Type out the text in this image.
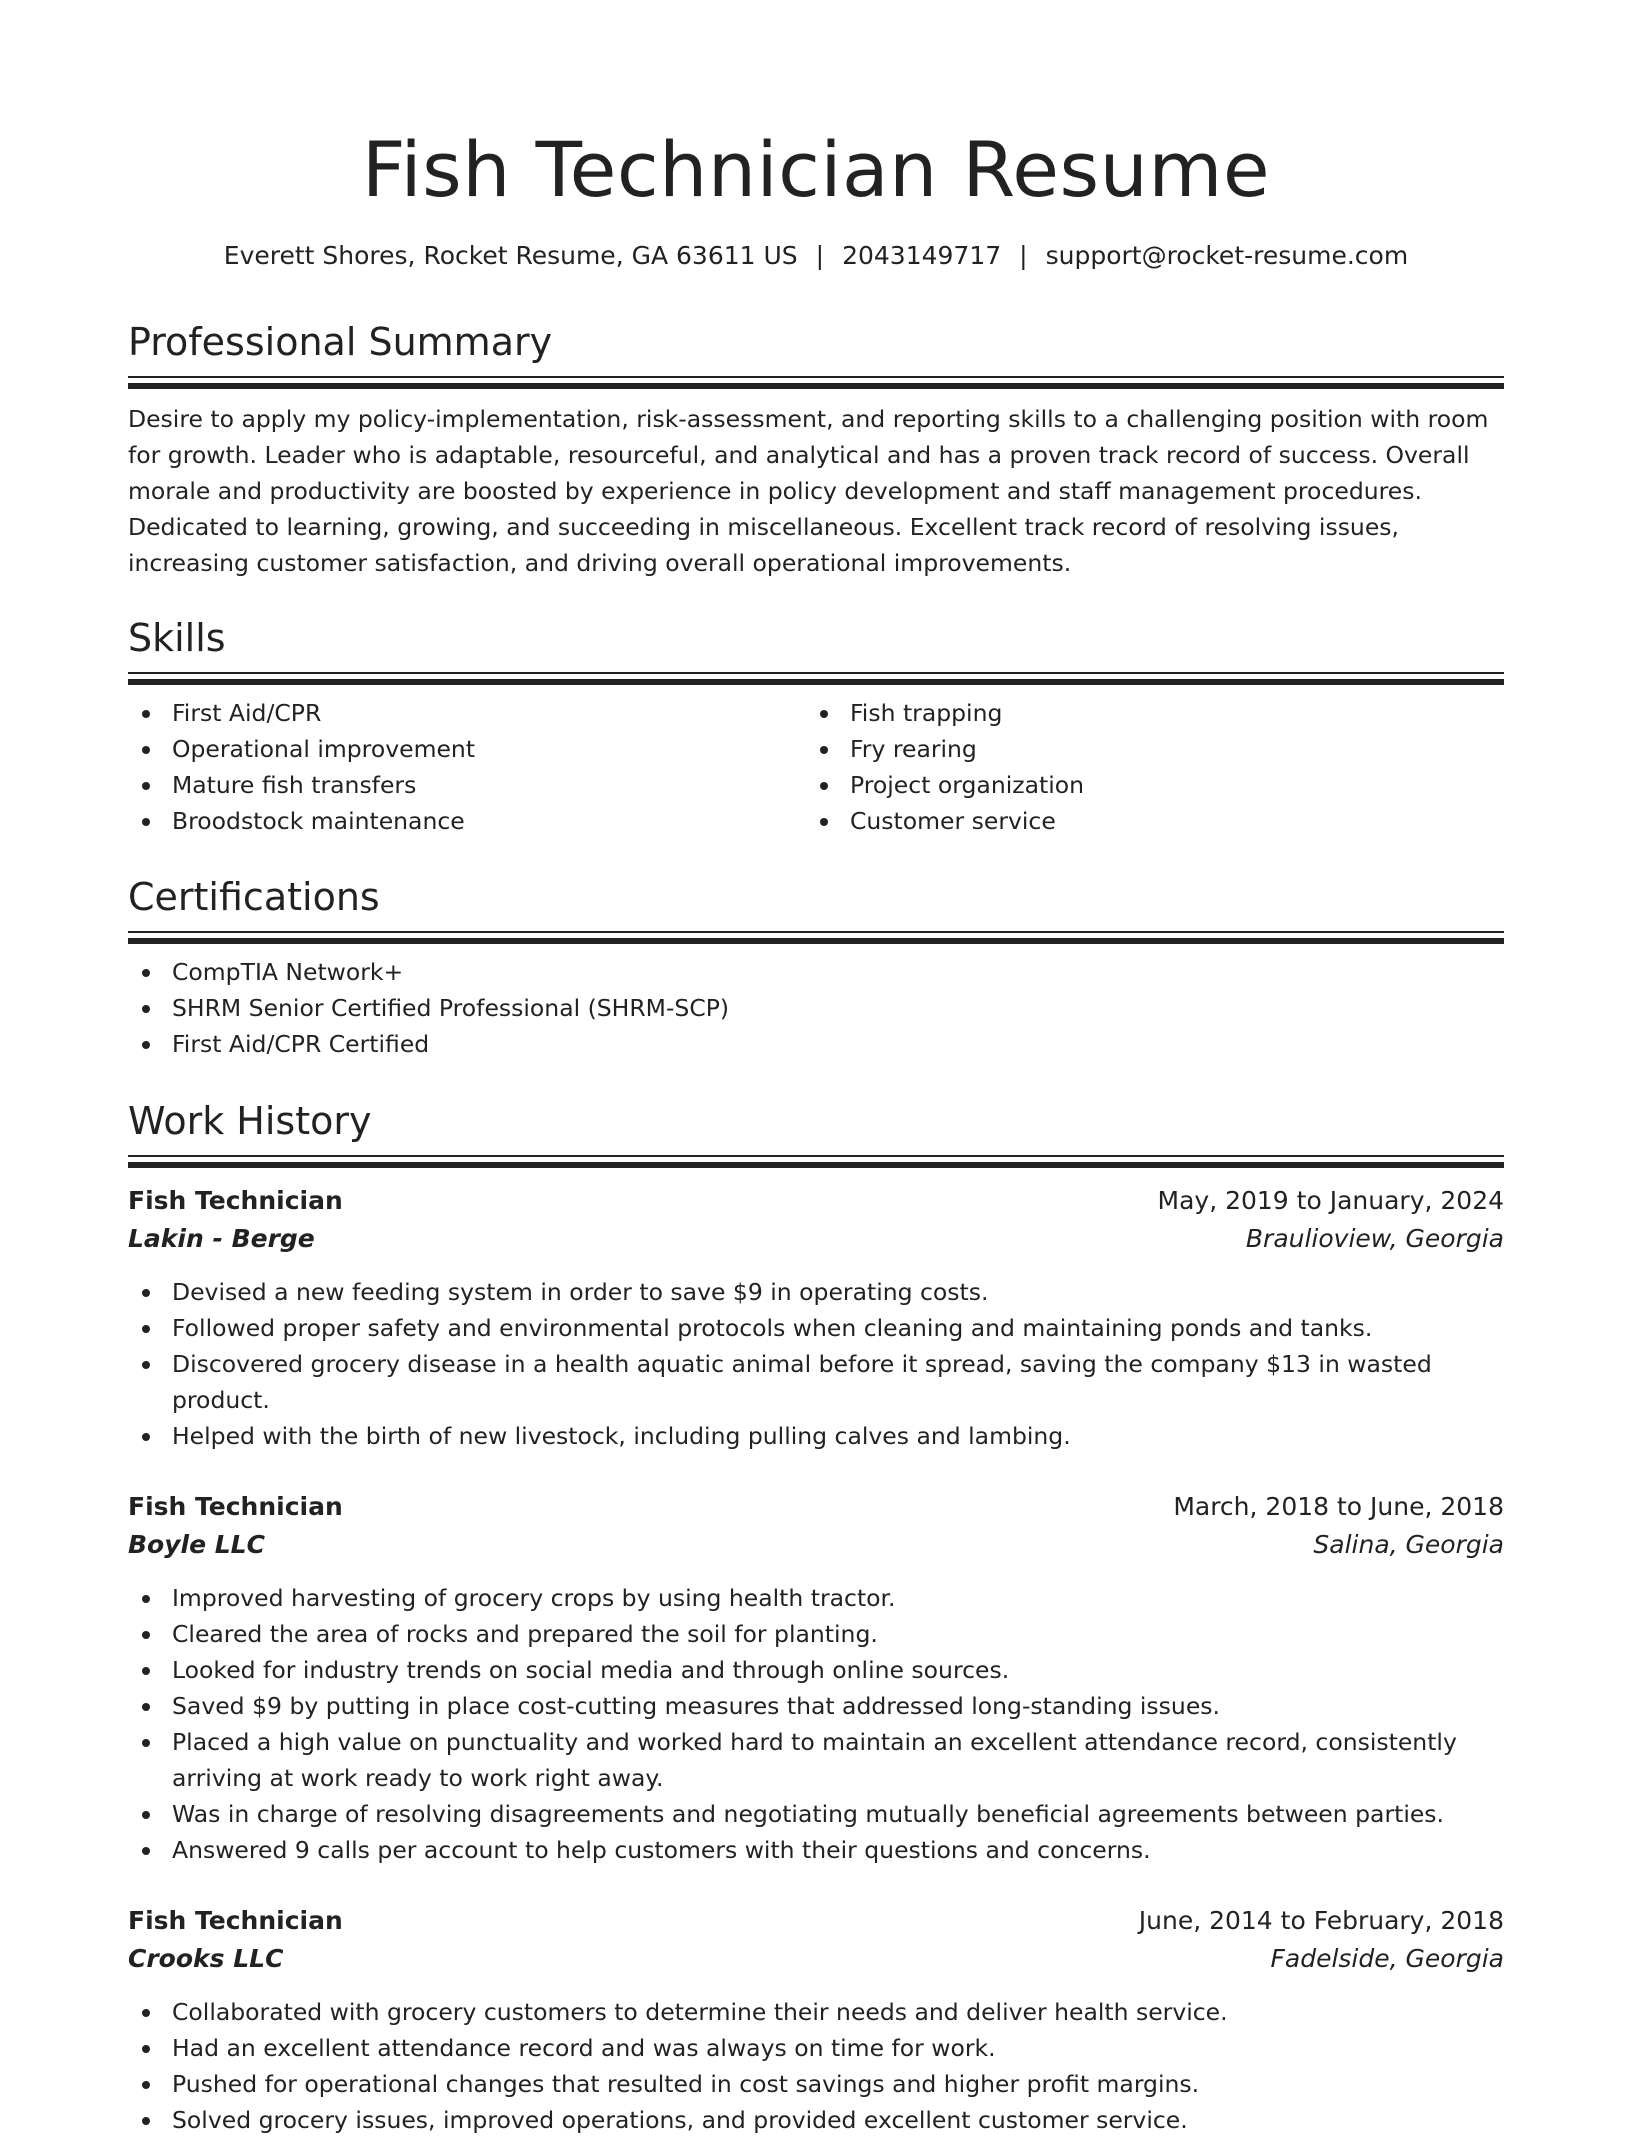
Fish Technician Resume
Everett Shores, Rocket Resume, GA 63611 US | 2043149717 | support@rocket-resume.com
Professional Summary

Desire to apply my policy-implementation, risk-assessment, and reporting skills to a challenging position with room for growth. Leader who is adaptable, resourceful, and analytical and has a proven track record of success. Overall morale and productivity are boosted by experience in policy development and staff management procedures. Dedicated to learning, growing, and succeeding in miscellaneous. Excellent track record of resolving issues, increasing customer satisfaction, and driving overall operational improvements.

Skills
First Aid/CPR
Operational improvement
Mature fish transfers
Broodstock maintenance
Fish trapping
Fry rearing
Project organization
Customer service
Certifications
CompTIA Network+
SHRM Senior Certified Professional (SHRM-SCP)
First Aid/CPR Certified
Work History
Fish Technician	May, 2019 to January, 2024
Lakin - Berge	Braulioview, Georgia
Devised a new feeding system in order to save $9 in operating costs.
Followed proper safety and environmental protocols when cleaning and maintaining ponds and tanks.
Discovered grocery disease in a health aquatic animal before it spread, saving the company $13 in wasted product.
Helped with the birth of new livestock, including pulling calves and lambing.
Fish Technician	March, 2018 to June, 2018
Boyle LLC	Salina, Georgia
Improved harvesting of grocery crops by using health tractor.
Cleared the area of rocks and prepared the soil for planting.
Looked for industry trends on social media and through online sources.
Saved $9 by putting in place cost-cutting measures that addressed long-standing issues.
Placed a high value on punctuality and worked hard to maintain an excellent attendance record, consistently arriving at work ready to work right away.
Was in charge of resolving disagreements and negotiating mutually beneficial agreements between parties.
Answered 9 calls per account to help customers with their questions and concerns.
Fish Technician	June, 2014 to February, 2018
Crooks LLC	Fadelside, Georgia
Collaborated with grocery customers to determine their needs and deliver health service.
Had an excellent attendance record and was always on time for work.
Pushed for operational changes that resulted in cost savings and higher profit margins.
Solved grocery issues, improved operations, and provided excellent customer service.
